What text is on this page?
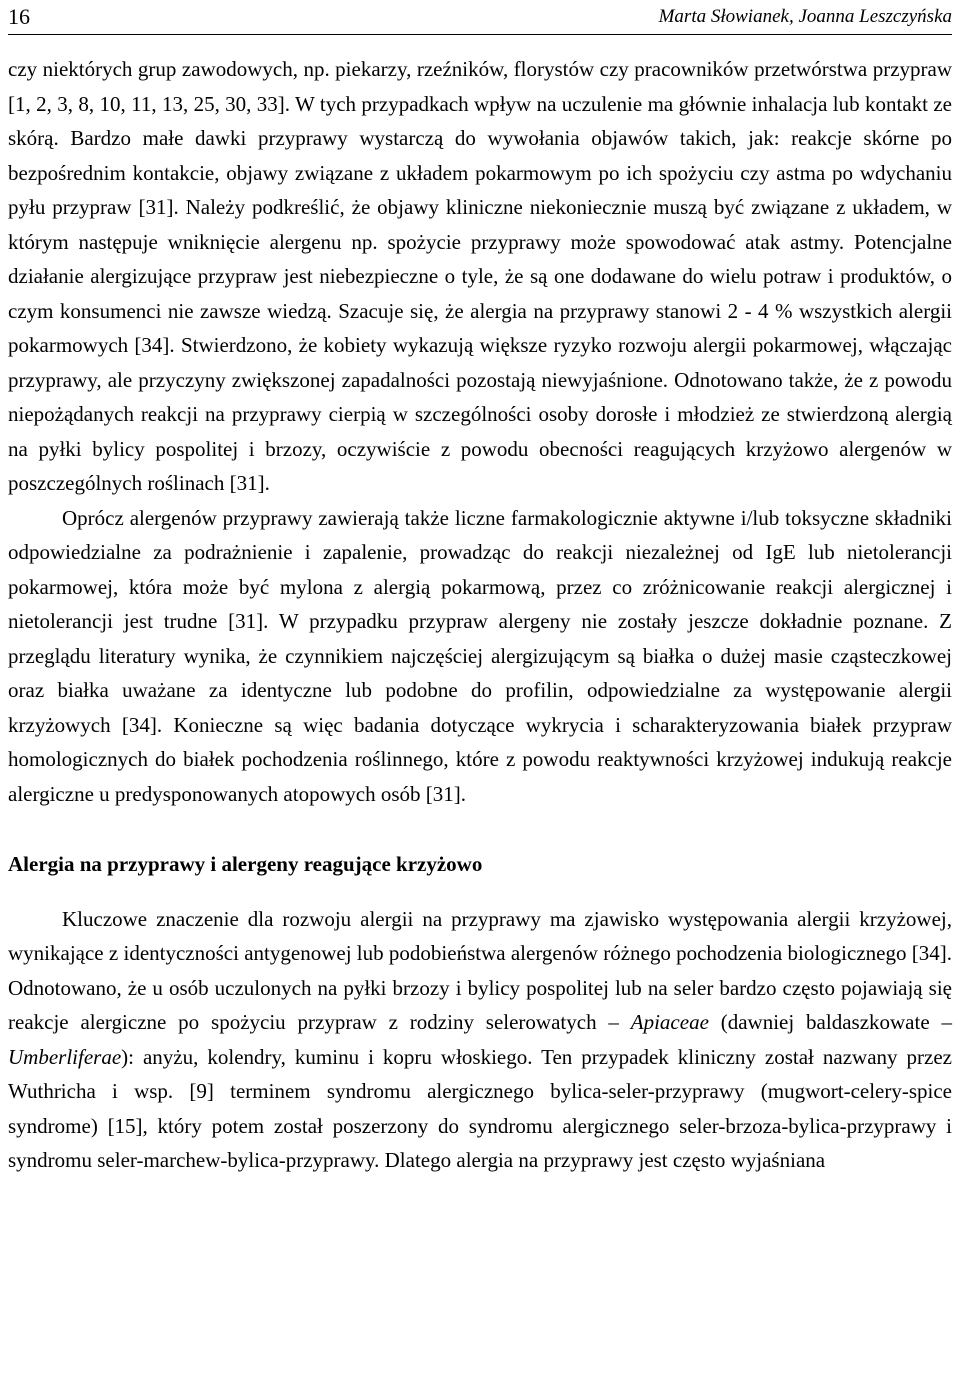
16	Marta Słowianek, Joanna Leszczyńska

czy niektórych grup zawodowych, np. piekarzy, rzeźników, florystów czy pracowników przetwórstwa przypraw [1, 2, 3, 8, 10, 11, 13, 25, 30, 33]. W tych przypadkach wpływ na uczulenie ma głównie inhalacja lub kontakt ze skórą. Bardzo małe dawki przyprawy wystarczą do wywołania objawów takich, jak: reakcje skórne po bezpośrednim kontakcie, objawy związane z układem pokarmowym po ich spożyciu czy astma po wdychaniu pyłu przypraw [31]. Należy podkreślić, że objawy kliniczne niekoniecznie muszą być związane z układem, w którym następuje wniknięcie alergenu np. spożycie przyprawy może spowodować atak astmy. Potencjalne działanie alergizujące przypraw jest niebezpieczne o tyle, że są one dodawane do wielu potraw i produktów, o czym konsumenci nie zawsze wiedzą. Szacuje się, że alergia na przyprawy stanowi 2 - 4 % wszystkich alergii pokarmowych [34]. Stwierdzono, że kobiety wykazują większe ryzyko rozwoju alergii pokarmowej, włączając przyprawy, ale przyczyny zwiększonej zapadalności pozostają niewyjaśnione. Odnotowano także, że z powodu niepożądanych reakcji na przyprawy cierpią w szczególności osoby dorosłe i młodzież ze stwierdzoną alergią na pyłki bylicy pospolitej i brzozy, oczywiście z powodu obecności reagujących krzyżowo alergenów w poszczególnych roślinach [31].

Oprócz alergenów przyprawy zawierają także liczne farmakologicznie aktywne i/lub toksyczne składniki odpowiedzialne za podrażnienie i zapalenie, prowadząc do reakcji niezależnej od IgE lub nietolerancji pokarmowej, która może być mylona z alergią pokarmową, przez co zróżnicowanie reakcji alergicznej i nietolerancji jest trudne [31]. W przypadku przypraw alergeny nie zostały jeszcze dokładnie poznane. Z przeglądu literatury wynika, że czynnikiem najczęściej alergizującym są białka o dużej masie cząsteczkowej oraz białka uważane za identyczne lub podobne do profilin, odpowiedzialne za występowanie alergii krzyżowych [34]. Konieczne są więc badania dotyczące wykrycia i scharakteryzowania białek przypraw homologicznych do białek pochodzenia roślinnego, które z powodu reaktywności krzyżowej indukują reakcje alergiczne u predysponowanych atopowych osób [31].

Alergia na przyprawy i alergeny reagujące krzyżowo

Kluczowe znaczenie dla rozwoju alergii na przyprawy ma zjawisko występowania alergii krzyżowej, wynikające z identyczności antygenowej lub podobieństwa alergenów różnego pochodzenia biologicznego [34]. Odnotowano, że u osób uczulonych na pyłki brzozy i bylicy pospolitej lub na seler bardzo często pojawiają się reakcje alergiczne po spożyciu przypraw z rodziny selerowatych – Apiaceae (dawniej baldaszkowate – Umberliferae): anyżu, kolendry, kuminu i kopru włoskiego. Ten przypadek kliniczny został nazwany przez Wuthricha i wsp. [9] terminem syndromu alergicznego bylica-seler-przyprawy (mugwort-celery-spice syndrome) [15], który potem został poszerzony do syndromu alergicznego seler-brzoza-bylica-przyprawy i syndromu seler-marchew-bylica-przyprawy. Dlatego alergia na przyprawy jest często wyjaśniana
